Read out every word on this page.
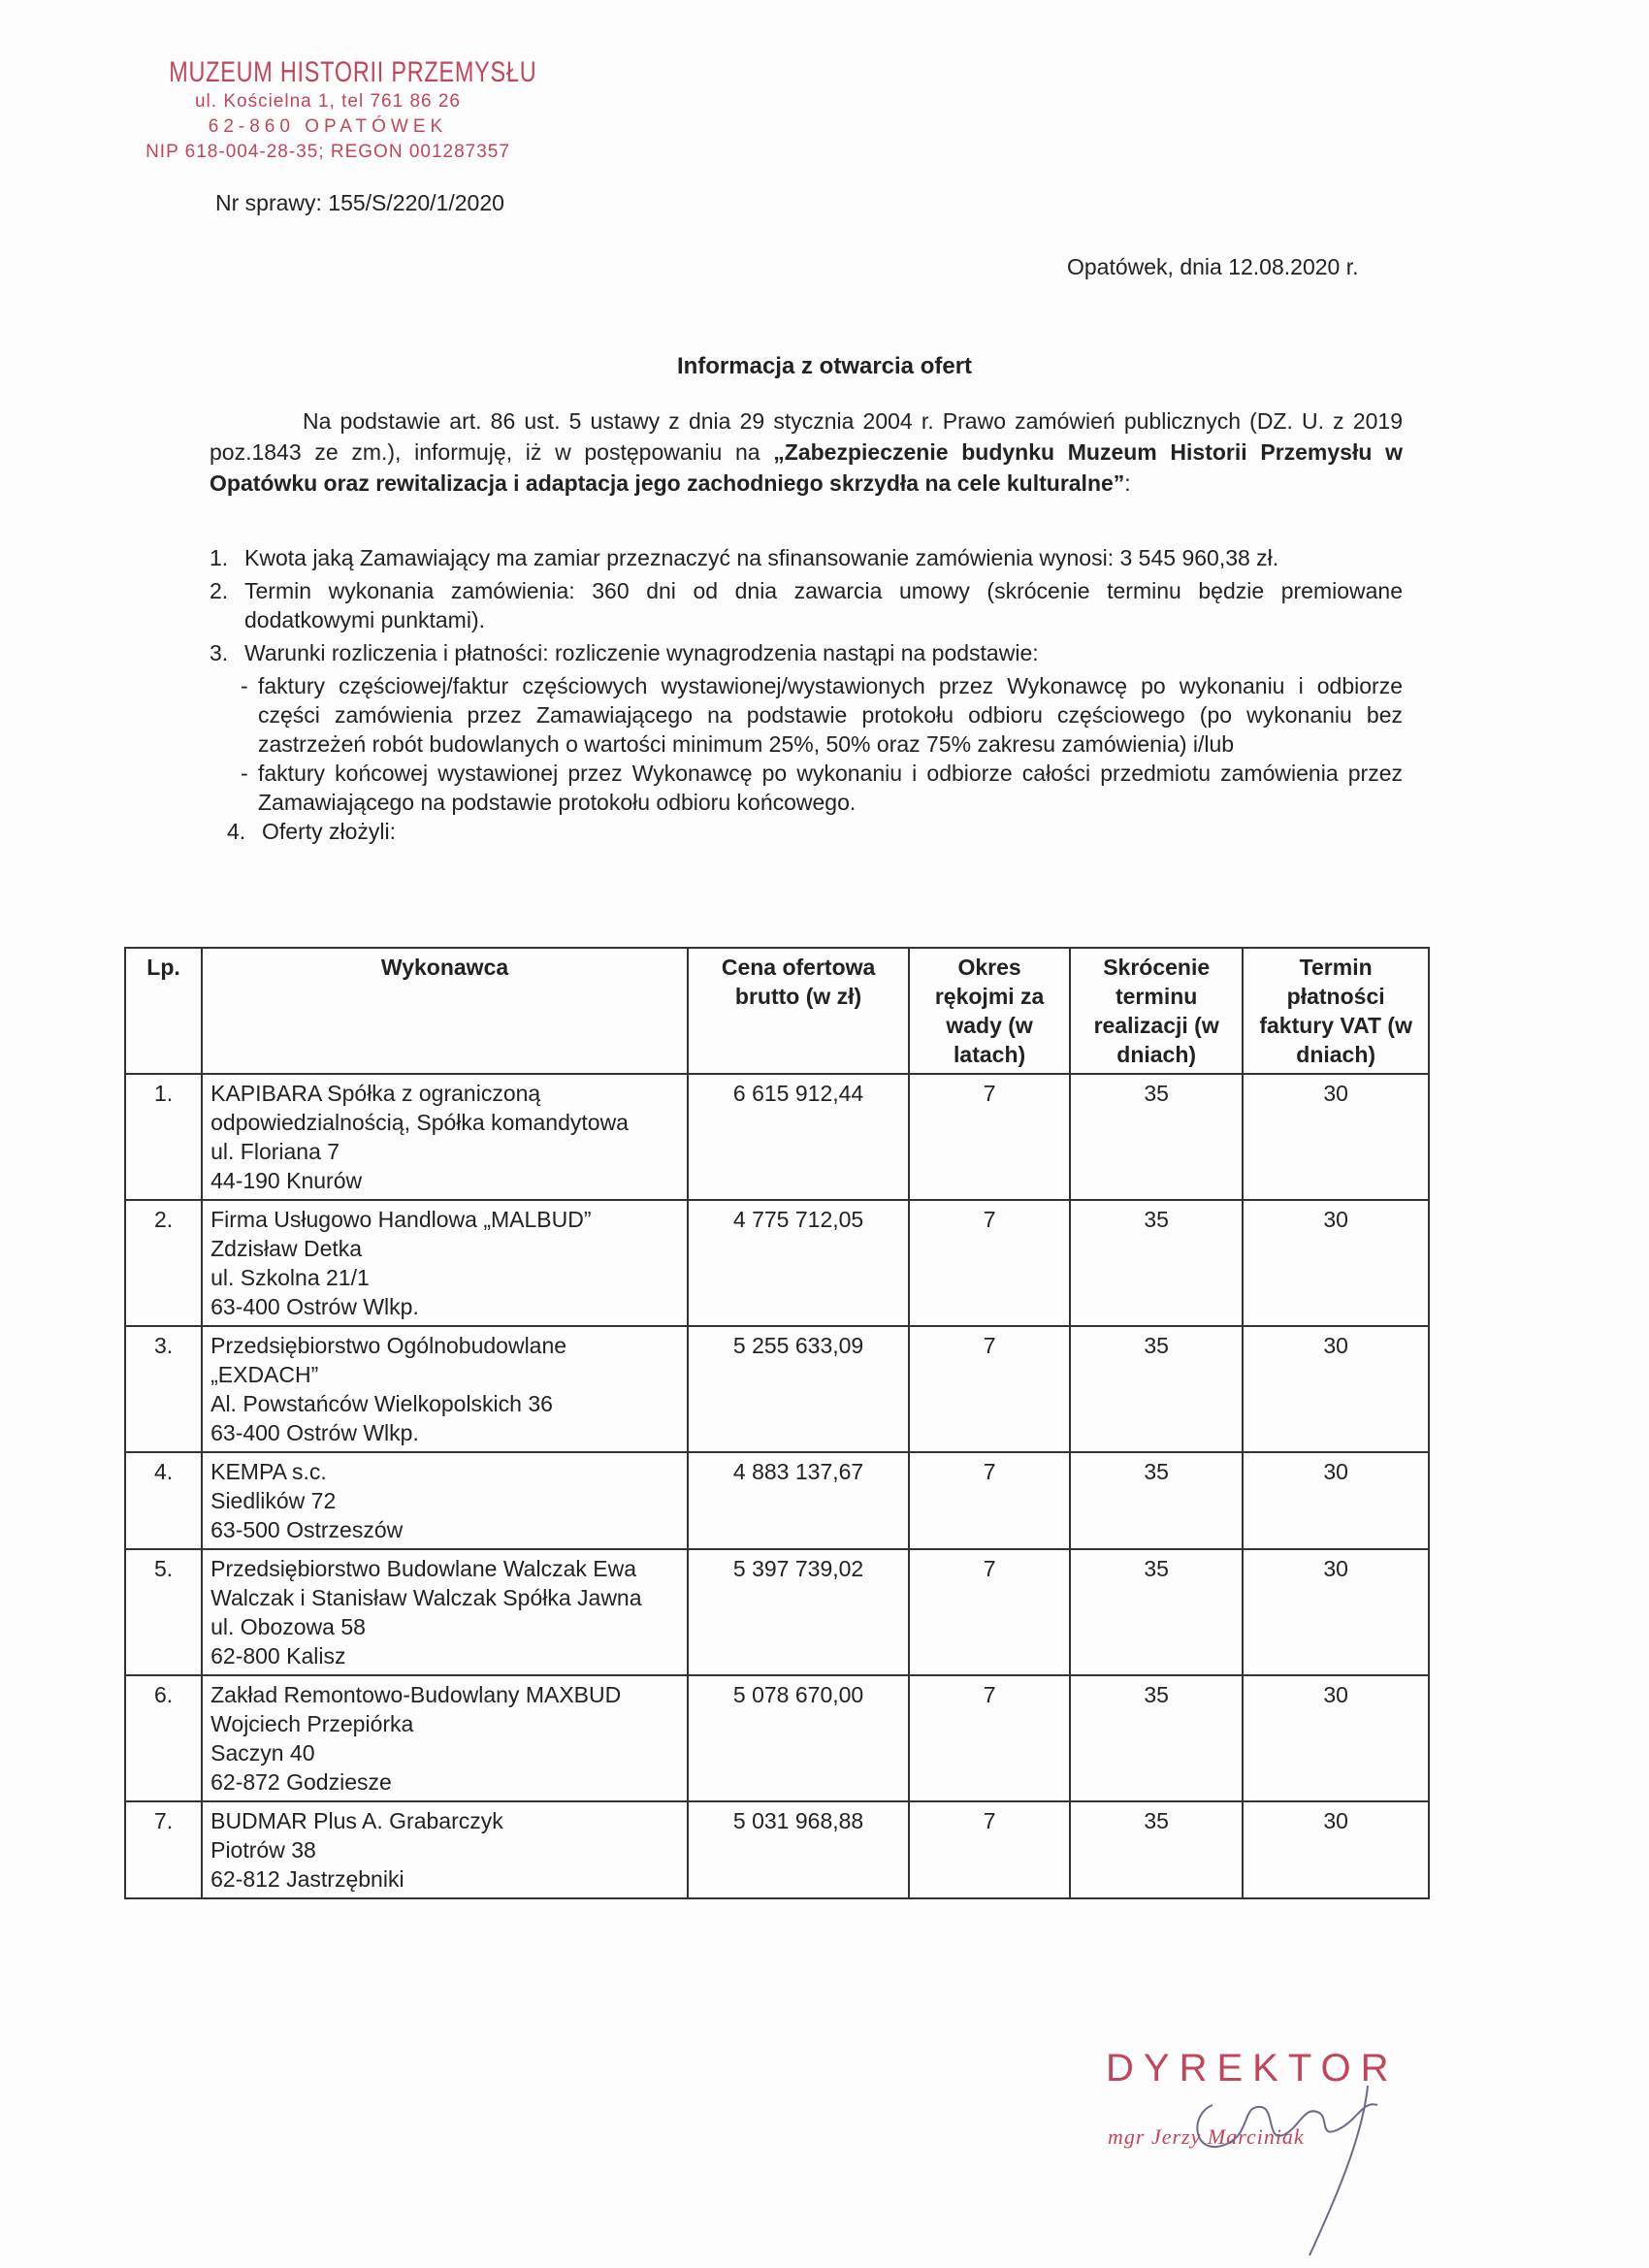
MUZEUM HISTORII PRZEMYSŁU
ul. Kościelna 1, tel 761 86 26
62-860 OPATÓWEK
NIP 618-004-28-35; REGON 001287357
Nr sprawy: 155/S/220/1/2020
Opatówek, dnia 12.08.2020 r.
Informacja z otwarcia ofert
Na podstawie art. 86 ust. 5 ustawy z dnia 29 stycznia 2004 r. Prawo zamówień publicznych (DZ. U. z 2019 poz.1843 ze zm.), informuję, iż w postępowaniu na „Zabezpieczenie budynku Muzeum Historii Przemysłu w Opatówku oraz rewitalizacja i adaptacja jego zachodniego skrzydła na cele kulturalne”:
1. Kwota jaką Zamawiający ma zamiar przeznaczyć na sfinansowanie zamówienia wynosi: 3 545 960,38 zł.
2. Termin wykonania zamówienia: 360 dni od dnia zawarcia umowy (skrócenie terminu będzie premiowane dodatkowymi punktami).
3. Warunki rozliczenia i płatności: rozliczenie wynagrodzenia nastąpi na podstawie:
- faktury częściowej/faktur częściowych wystawionej/wystawionych przez Wykonawcę po wykonaniu i odbiorze części zamówienia przez Zamawiającego na podstawie protokołu odbioru częściowego (po wykonaniu bez zastrzeżeń robót budowlanych o wartości minimum 25%, 50% oraz 75% zakresu zamówienia) i/lub
- faktury końcowej wystawionej przez Wykonawcę po wykonaniu i odbiorze całości przedmiotu zamówienia przez Zamawiającego na podstawie protokołu odbioru końcowego.
4. Oferty złożyli:
Lp.	Wykonawca	Cena ofertowa brutto (w zł)	Okres rękojmi za wady (w latach)	Skrócenie terminu realizacji (w dniach)	Termin płatności faktury VAT (w dniach)
1.	KAPIBARA Spółka z ograniczoną odpowiedzialnością, Spółka komandytowa
ul. Floriana 7
44-190 Knurów	6 615 912,44	7	35	30
2.	Firma Usługowo Handlowa „MALBUD” Zdzisław Detka
ul. Szkolna 21/1
63-400 Ostrów Wlkp.	4 775 712,05	7	35	30
3.	Przedsiębiorstwo Ogólnobudowlane „EXDACH”
Al. Powstańców Wielkopolskich 36
63-400 Ostrów Wlkp.	5 255 633,09	7	35	30
4.	KEMPA s.c.
Siedlików 72
63-500 Ostrzeszów	4 883 137,67	7	35	30
5.	Przedsiębiorstwo Budowlane Walczak Ewa Walczak i Stanisław Walczak Spółka Jawna
ul. Obozowa 58
62-800 Kalisz	5 397 739,02	7	35	30
6.	Zakład Remontowo-Budowlany MAXBUD Wojciech Przepiórka
Saczyn 40
62-872 Godziesze	5 078 670,00	7	35	30
7.	BUDMAR Plus A. Grabarczyk
Piotrów 38
62-812 Jastrzębniki	5 031 968,88	7	35	30
DYREKTOR
mgr Jerzy Marciniak
